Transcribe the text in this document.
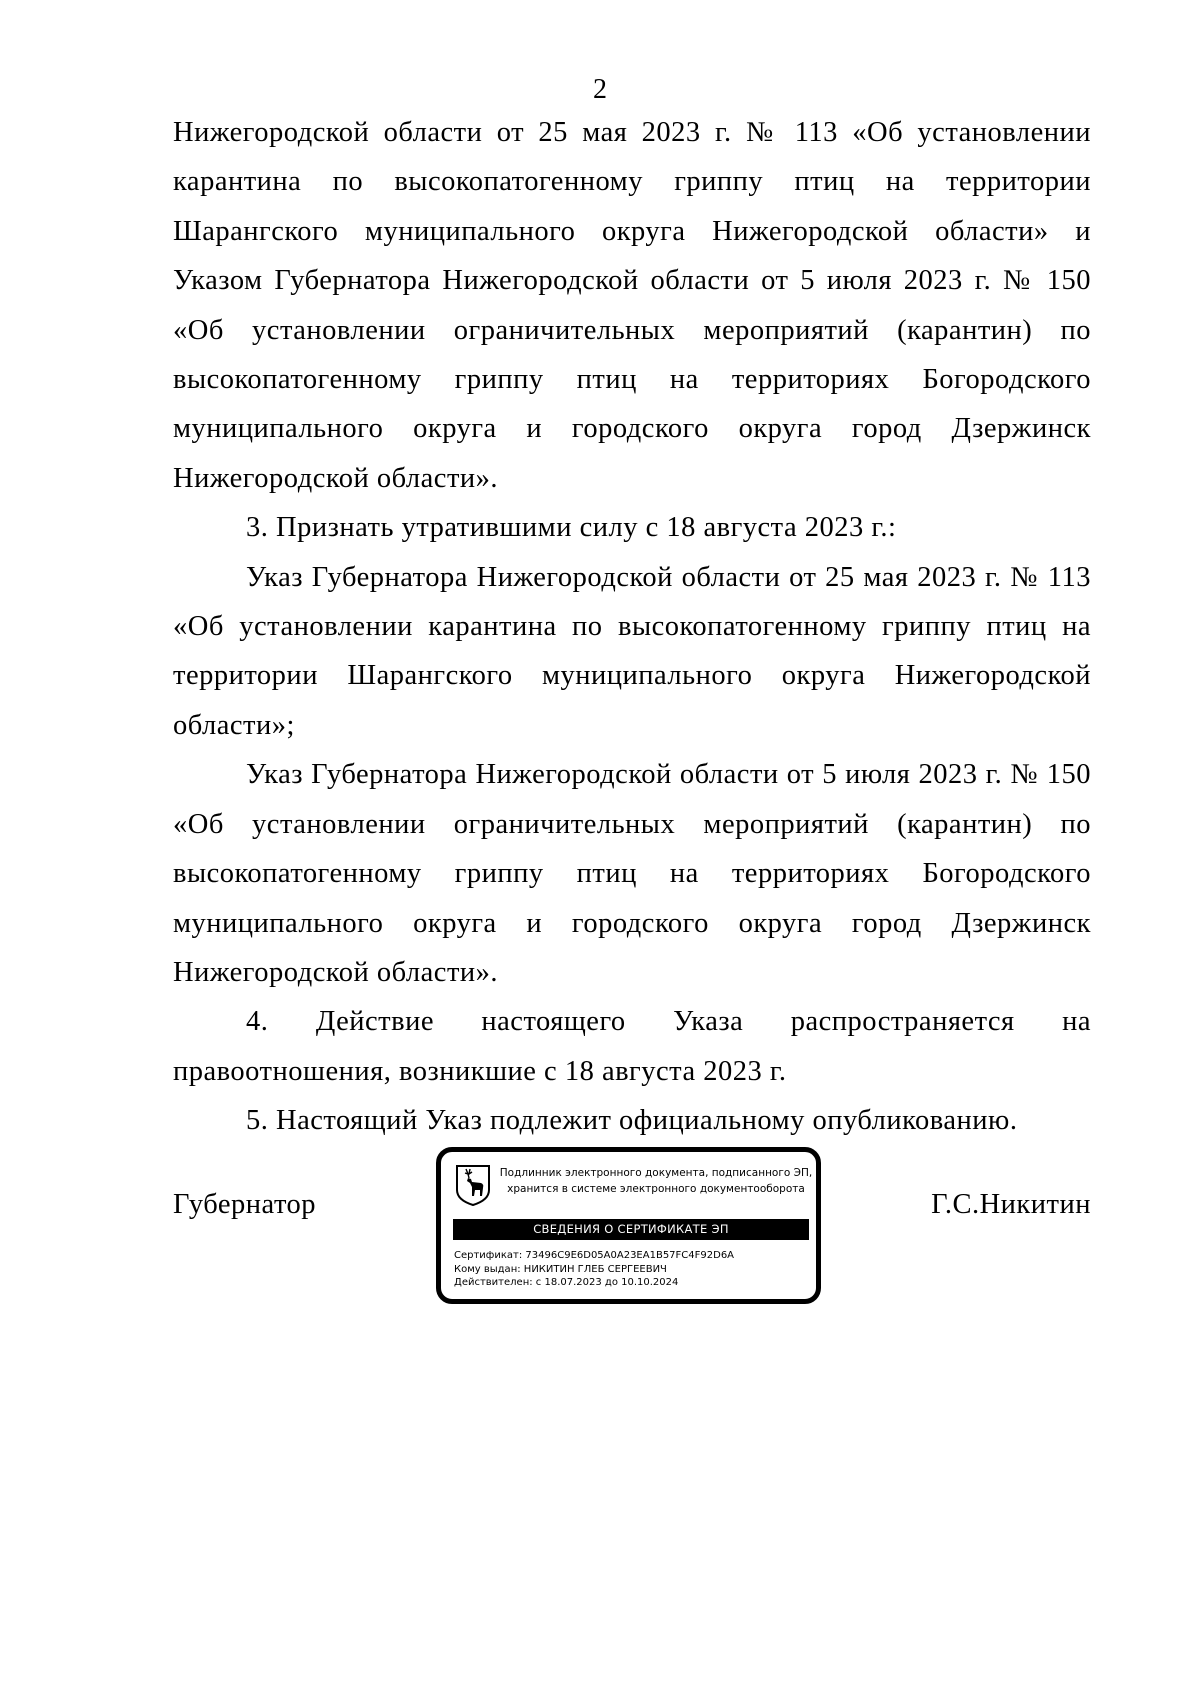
2

Нижегородской области от 25 мая 2023 г. № 113 «Об установлении карантина по высокопатогенному гриппу птиц на территории Шарангского муниципального округа Нижегородской области» и Указом Губернатора Нижегородской области от 5 июля 2023 г. № 150 «Об установлении ограничительных мероприятий (карантин) по высокопатогенному гриппу птиц на территориях Богородского муниципального округа и городского округа город Дзержинск Нижегородской области».

3. Признать утратившими силу с 18 августа 2023 г.:

Указ Губернатора Нижегородской области от 25 мая 2023 г. № 113 «Об установлении карантина по высокопатогенному гриппу птиц на территории Шарангского муниципального округа Нижегородской области»;

Указ Губернатора Нижегородской области от 5 июля 2023 г. № 150 «Об установлении ограничительных мероприятий (карантин) по высокопатогенному гриппу птиц на территориях Богородского муниципального округа и городского округа город Дзержинск Нижегородской области».

4. Действие настоящего Указа распространяется на правоотношения, возникшие с 18 августа 2023 г.

5. Настоящий Указ подлежит официальному опубликованию.

Губернатор	Г.С.Никитин
Подлинник электронного документа, подписанного ЭП,
хранится в системе электронного документооборота
СВЕДЕНИЯ О СЕРТИФИКАТЕ ЭП
Сертификат: 73496C9E6D05A0A23EA1B57FC4F92D6A
Кому выдан: НИКИТИН ГЛЕБ СЕРГЕЕВИЧ
Действителен: с 18.07.2023 до 10.10.2024
